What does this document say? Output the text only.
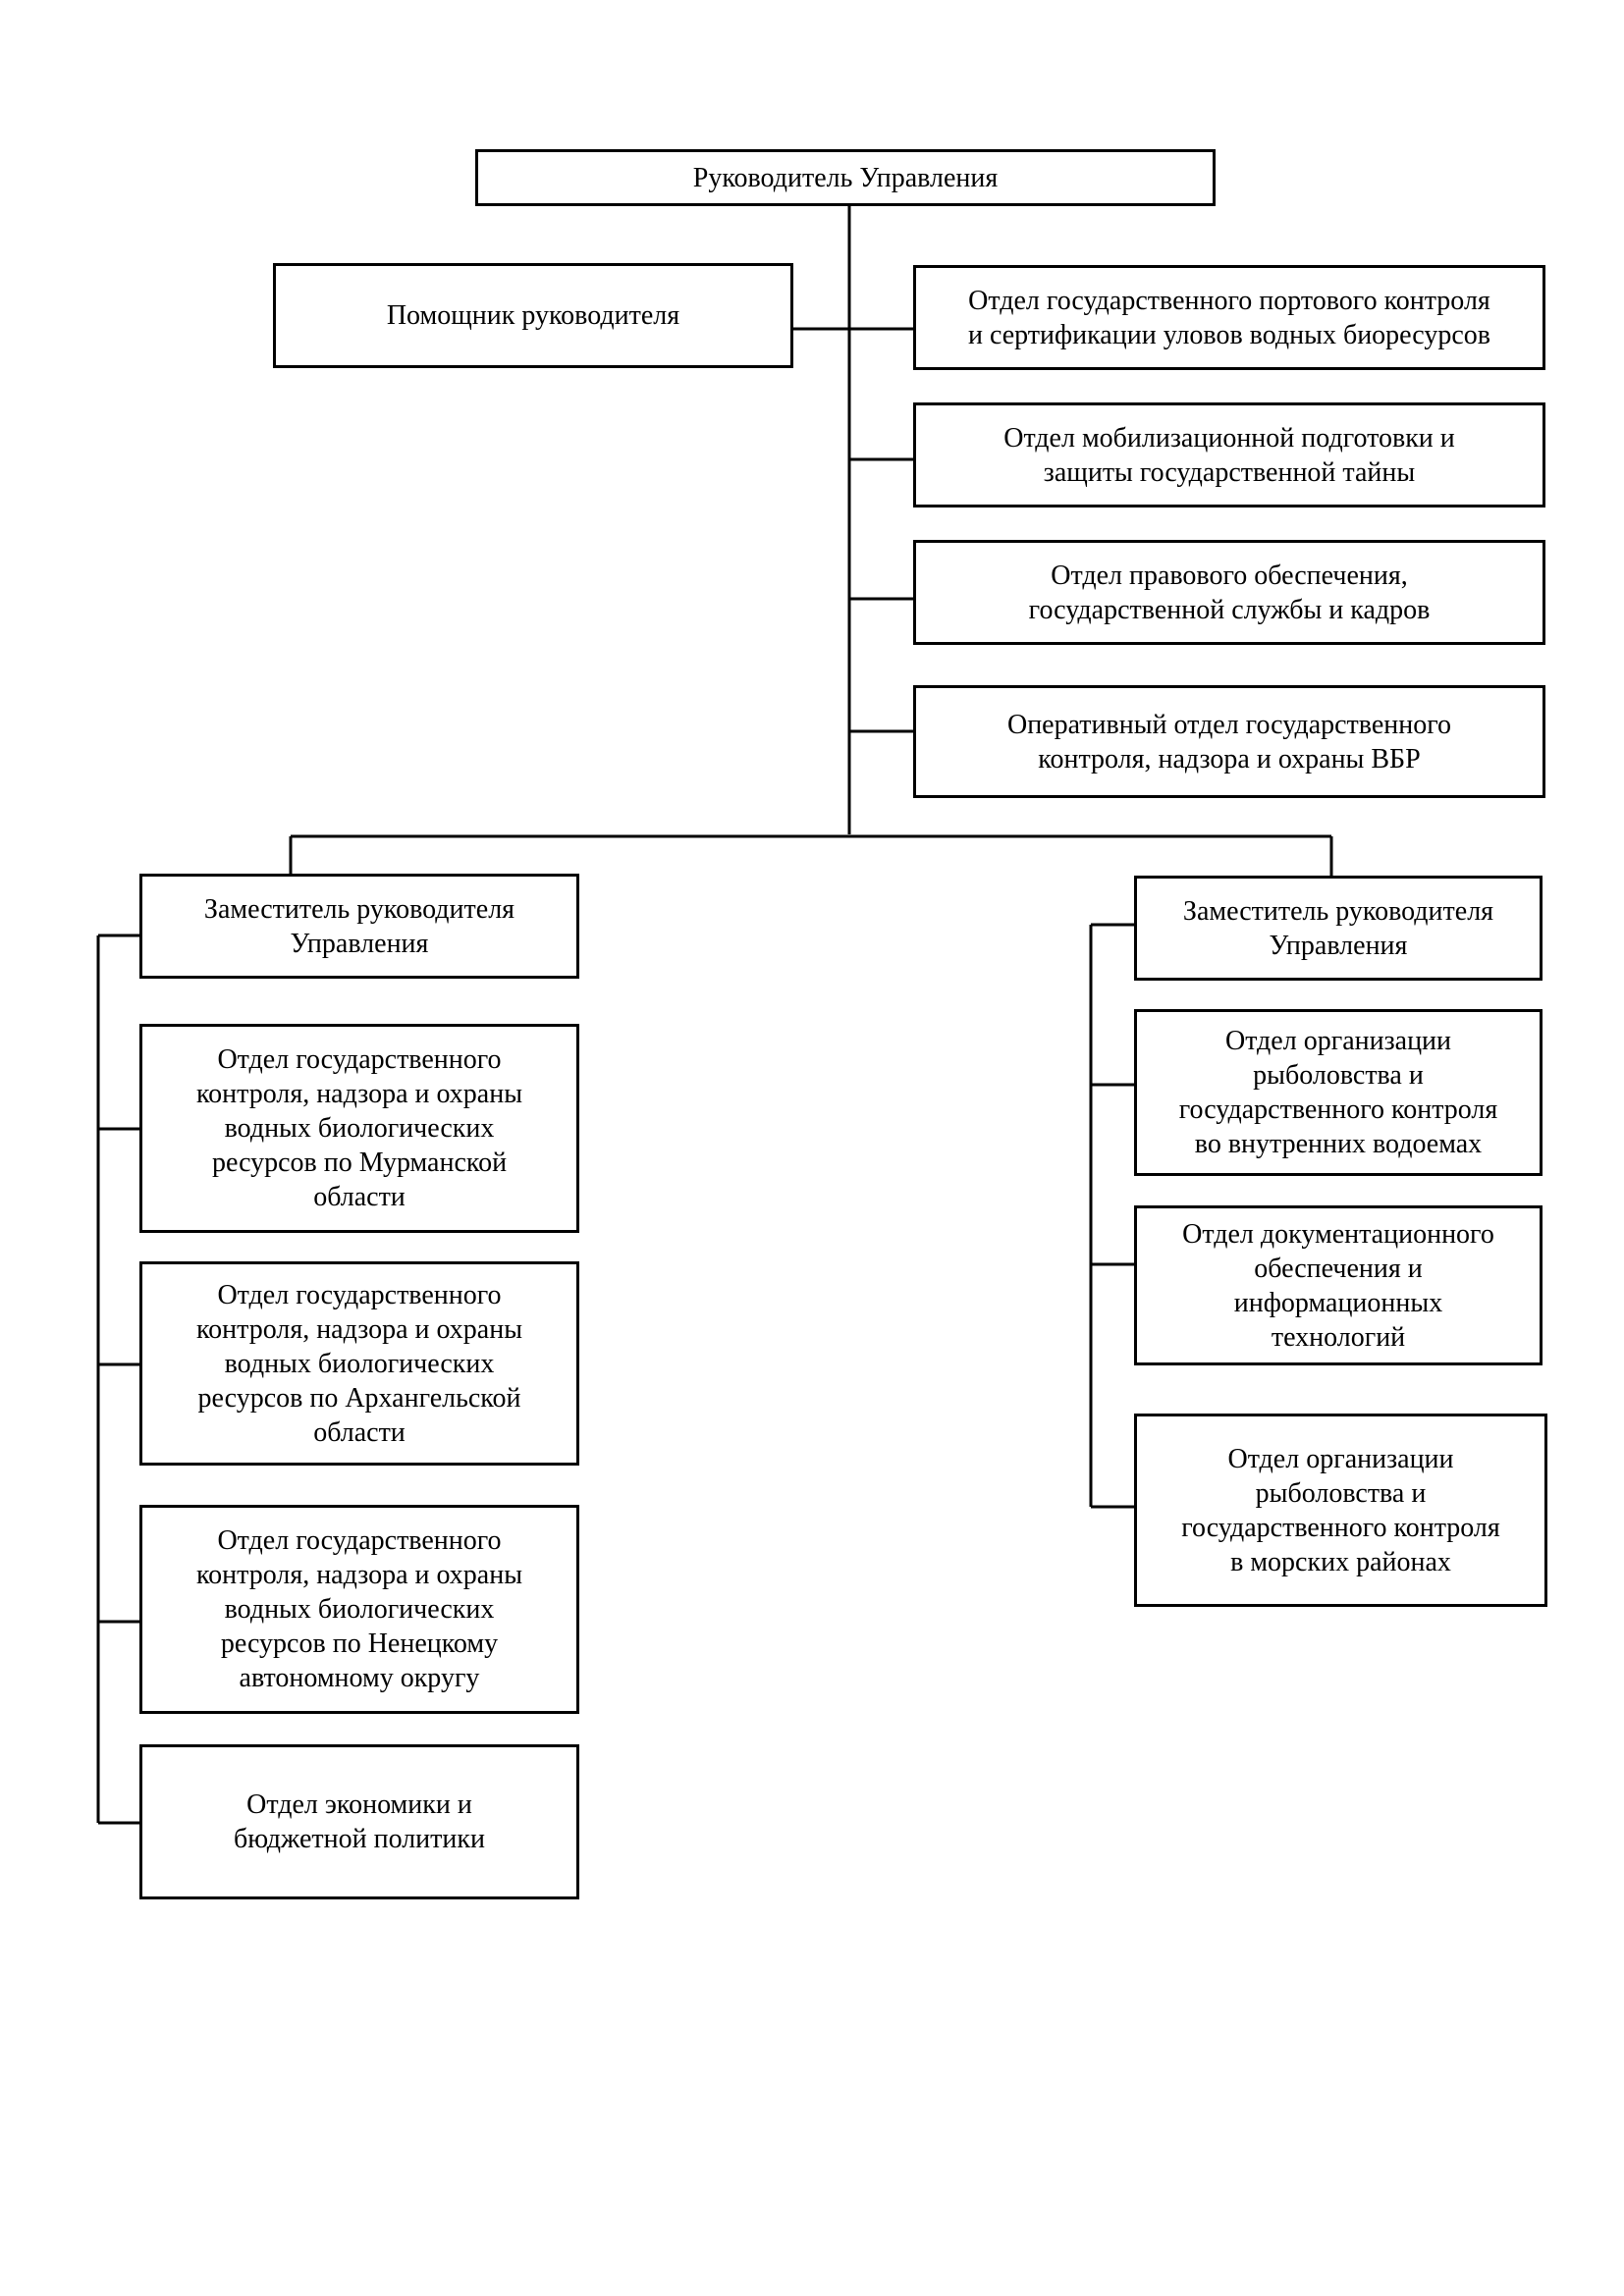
Руководитель Управления
Помощник руководителя	Отдел государственного портового контроля
и сертификации уловов водных биоресурсов
Отдел мобилизационной подготовки и
защиты государственной тайны
Отдел правового обеспечения,
государственной службы и кадров
Оперативный отдел государственного
контроля, надзора и охраны ВБР
Заместитель руководителя
Управления
Отдел государственного
контроля, надзора и охраны
водных биологических
ресурсов по Мурманской
области
Отдел государственного
контроля, надзора и охраны
водных биологических
ресурсов по Архангельской
области
Отдел государственного
контроля, надзора и охраны
водных биологических
ресурсов по Ненецкому
автономному округу
Отдел экономики и
бюджетной политики
Заместитель руководителя
Управления
Отдел организации
рыболовства и
государственного контроля
во внутренних водоемах
Отдел документационного
обеспечения и
информационных
технологий
Отдел организации
рыболовства и
государственного контроля
в морских районах
